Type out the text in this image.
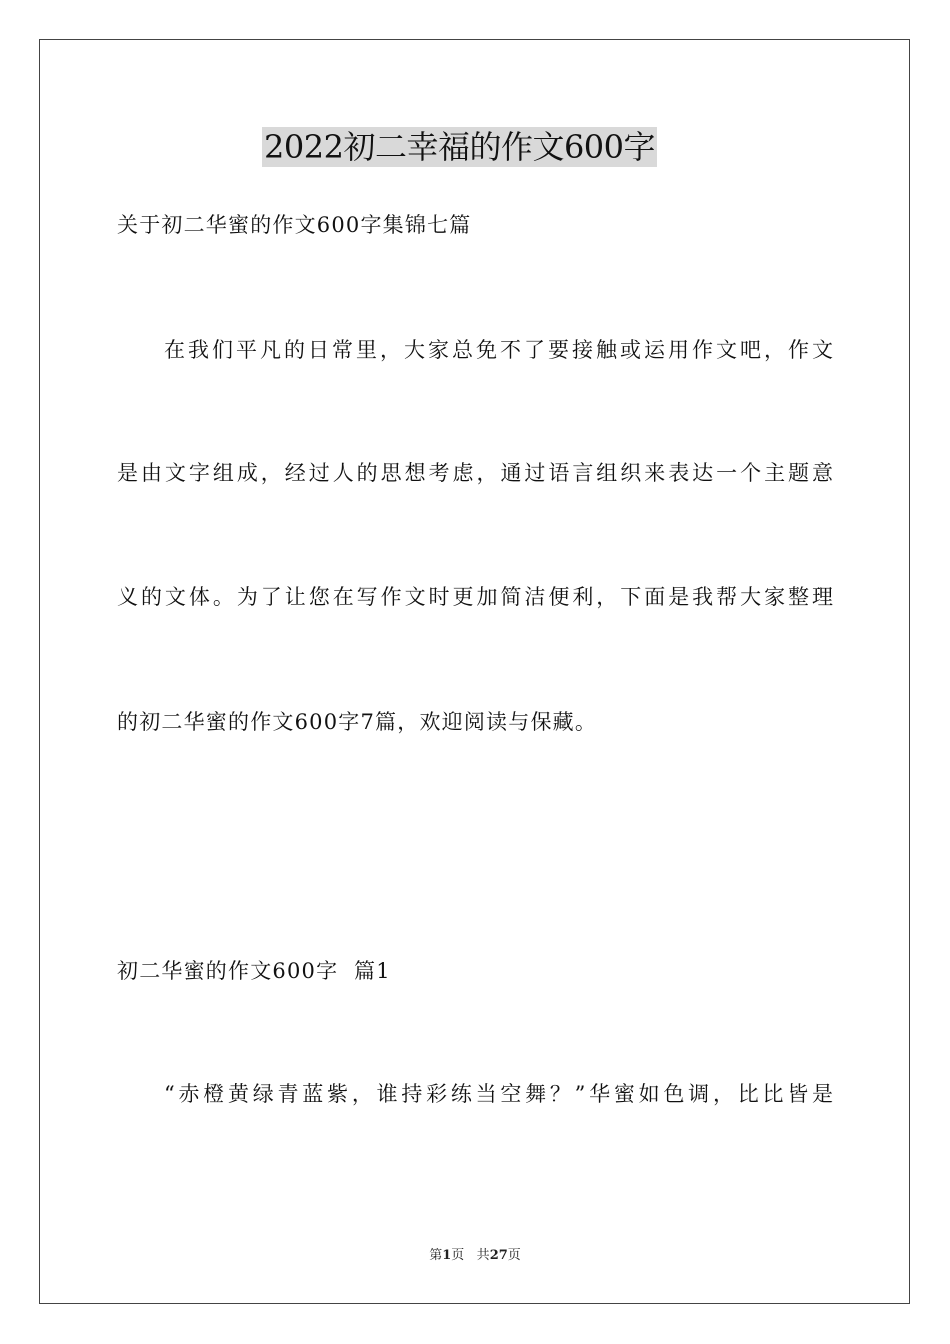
2022初二幸福的作文600字
关于初二华蜜的作文600字集锦七篇
在我们平凡的日常里，大家总免不了要接触或运用作文吧，作文
是由文字组成，经过人的思想考虑，通过语言组织来表达一个主题意
义的文体。为了让您在写作文时更加简洁便利，下面是我帮大家整理
的初二华蜜的作文600字7篇，欢迎阅读与保藏。
初二华蜜的作文600字  篇1
“赤橙黄绿青蓝紫，谁持彩练当空舞？”华蜜如色调，比比皆是
第1页 共27页
